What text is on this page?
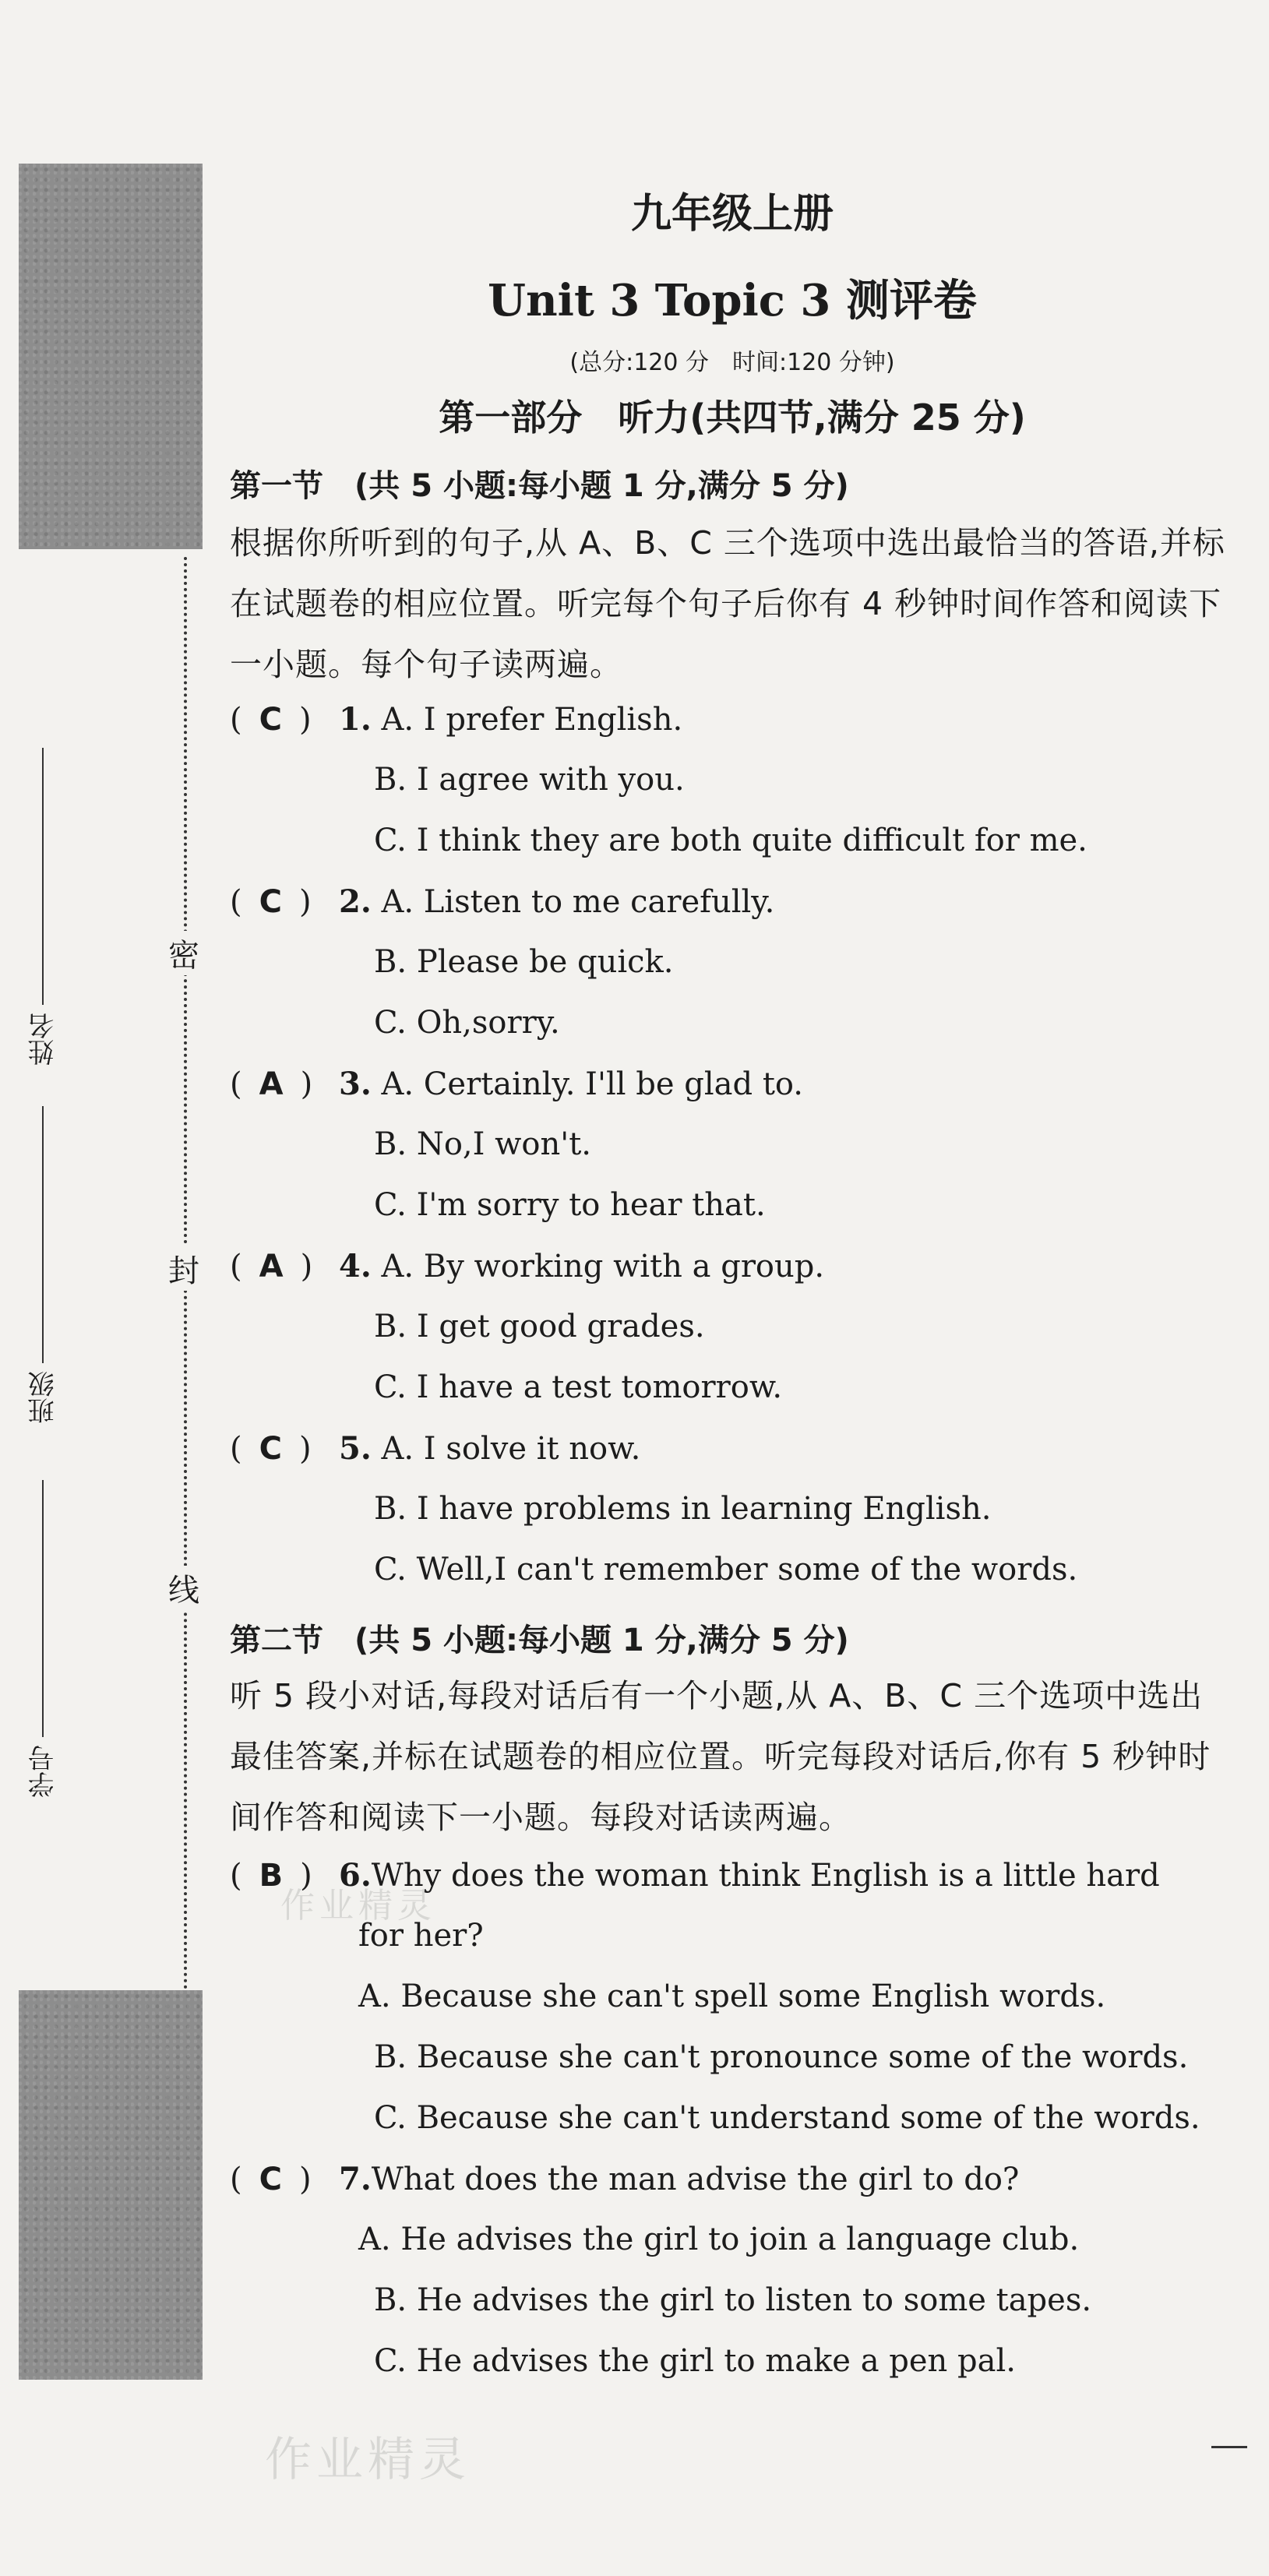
密
封
线
姓名
班级
学号
九年级上册
Unit 3 Topic 3 测评卷
(总分:120 分　时间:120 分钟)
第一部分　听力(共四节,满分 25 分)
第一节 (共 5 小题:每小题 1 分,满分 5 分)
根据你所听到的句子,从 A、B、C 三个选项中选出最恰当的答语,并标在试题卷的相应位置。听完每个句子后你有 4 秒钟时间作答和阅读下一小题。每个句子读两遍。
( C ) 1. A. I prefer English.
B. I agree with you.
C. I think they are both quite difficult for me.
( C ) 2. A. Listen to me carefully.
B. Please be quick.
C. Oh,sorry.
( A ) 3. A. Certainly. I'll be glad to.
B. No,I won't.
C. I'm sorry to hear that.
( A ) 4. A. By working with a group.
B. I get good grades.
C. I have a test tomorrow.
( C ) 5. A. I solve it now.
B. I have problems in learning English.
C. Well,I can't remember some of the words.
第二节 (共 5 小题:每小题 1 分,满分 5 分)
听 5 段小对话,每段对话后有一个小题,从 A、B、C 三个选项中选出最佳答案,并标在试题卷的相应位置。听完每段对话后,你有 5 秒钟时间作答和阅读下一小题。每段对话读两遍。
( B ) 6.Why does the woman think English is a little hard
for her?
A. Because she can't spell some English words.
B. Because she can't pronounce some of the words.
C. Because she can't understand some of the words.
( C ) 7.What does the man advise the girl to do?
A. He advises the girl to join a language club.
B. He advises the girl to listen to some tapes.
C. He advises the girl to make a pen pal.
作业精灵
作业精灵
